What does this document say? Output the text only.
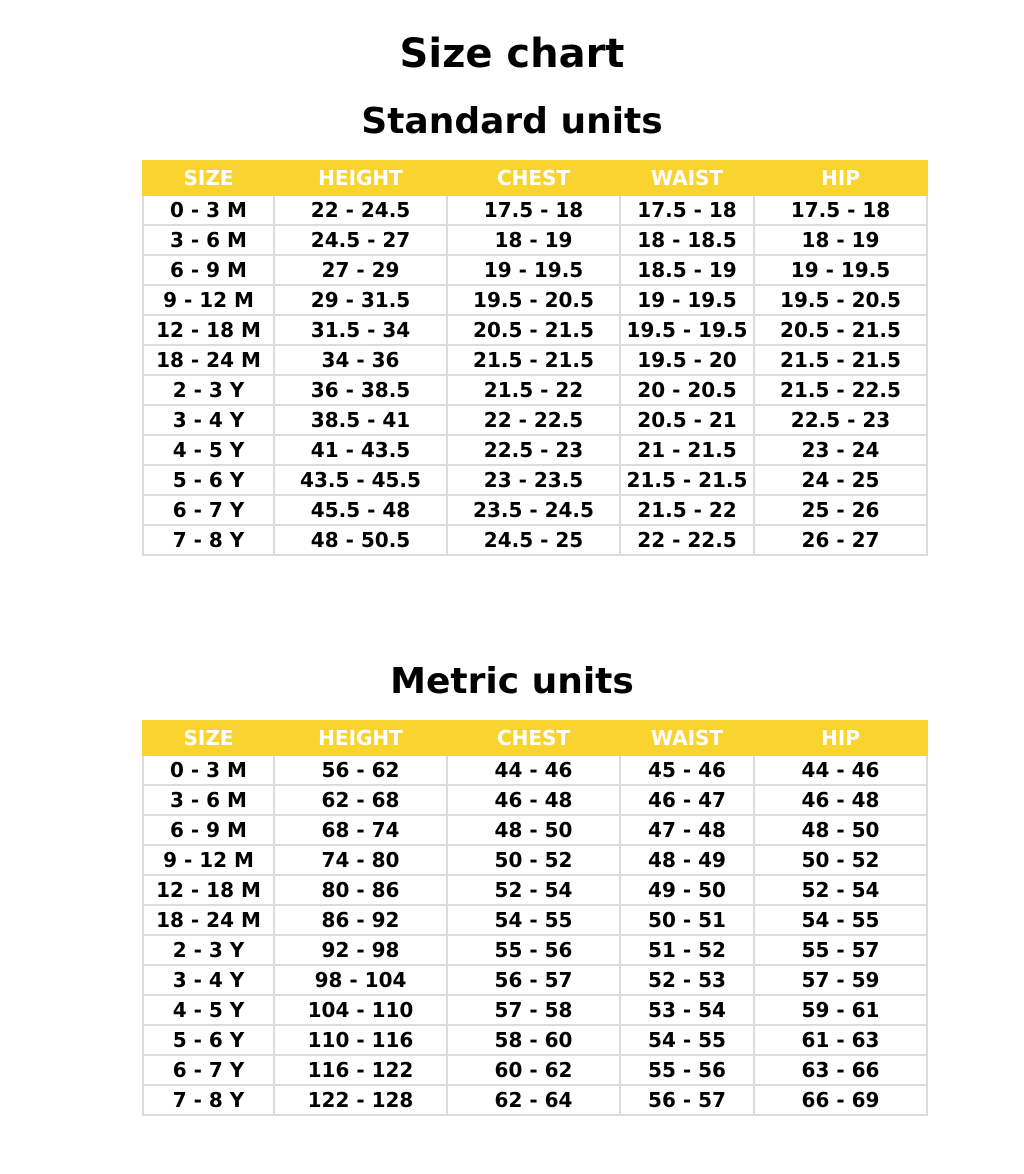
Size chart
Standard units
SIZE	HEIGHT	CHEST	WAIST	HIP
0 - 3 M	22 - 24.5	17.5 - 18	17.5 - 18	17.5 - 18
3 - 6 M	24.5 - 27	18 - 19	18 - 18.5	18 - 19
6 - 9 M	27 - 29	19 - 19.5	18.5 - 19	19 - 19.5
9 - 12 M	29 - 31.5	19.5 - 20.5	19 - 19.5	19.5 - 20.5
12 - 18 M	31.5 - 34	20.5 - 21.5	19.5 - 19.5	20.5 - 21.5
18 - 24 M	34 - 36	21.5 - 21.5	19.5 - 20	21.5 - 21.5
2 - 3 Y	36 - 38.5	21.5 - 22	20 - 20.5	21.5 - 22.5
3 - 4 Y	38.5 - 41	22 - 22.5	20.5 - 21	22.5 - 23
4 - 5 Y	41 - 43.5	22.5 - 23	21 - 21.5	23 - 24
5 - 6 Y	43.5 - 45.5	23 - 23.5	21.5 - 21.5	24 - 25
6 - 7 Y	45.5 - 48	23.5 - 24.5	21.5 - 22	25 - 26
7 - 8 Y	48 - 50.5	24.5 - 25	22 - 22.5	26 - 27
Metric units
SIZE	HEIGHT	CHEST	WAIST	HIP
0 - 3 M	56 - 62	44 - 46	45 - 46	44 - 46
3 - 6 M	62 - 68	46 - 48	46 - 47	46 - 48
6 - 9 M	68 - 74	48 - 50	47 - 48	48 - 50
9 - 12 M	74 - 80	50 - 52	48 - 49	50 - 52
12 - 18 M	80 - 86	52 - 54	49 - 50	52 - 54
18 - 24 M	86 - 92	54 - 55	50 - 51	54 - 55
2 - 3 Y	92 - 98	55 - 56	51 - 52	55 - 57
3 - 4 Y	98 - 104	56 - 57	52 - 53	57 - 59
4 - 5 Y	104 - 110	57 - 58	53 - 54	59 - 61
5 - 6 Y	110 - 116	58 - 60	54 - 55	61 - 63
6 - 7 Y	116 - 122	60 - 62	55 - 56	63 - 66
7 - 8 Y	122 - 128	62 - 64	56 - 57	66 - 69
